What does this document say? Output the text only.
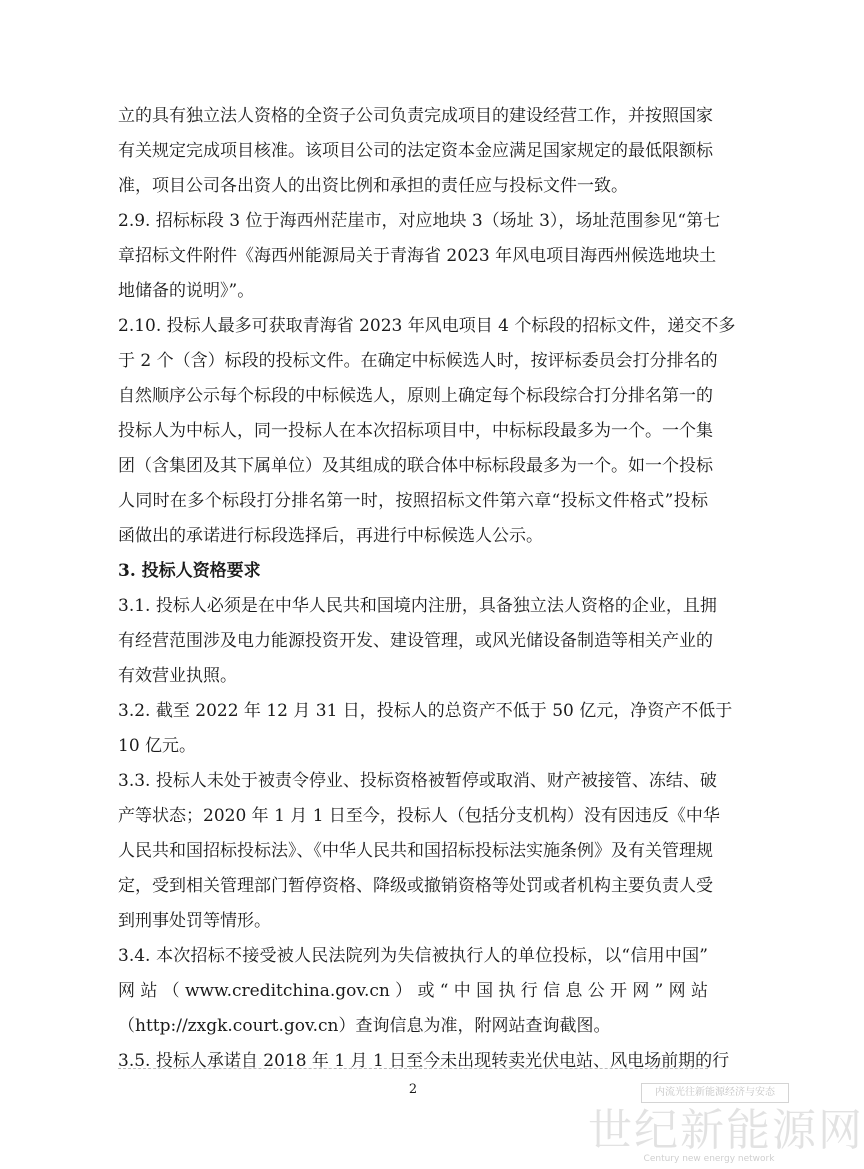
立的具有独立法人资格的全资子公司负责完成项目的建设经营工作，并按照国家
有关规定完成项目核准。该项目公司的法定资本金应满足国家规定的最低限额标
准，项目公司各出资人的出资比例和承担的责任应与投标文件一致。
2.9. 招标标段 3 位于海西州茫崖市，对应地块 3（场址 3），场址范围参见“第七
章招标文件附件《海西州能源局关于青海省 2023 年风电项目海西州候选地块土
地储备的说明》”。
2.10. 投标人最多可获取青海省 2023 年风电项目 4 个标段的招标文件，递交不多
于 2 个（含）标段的投标文件。在确定中标候选人时，按评标委员会打分排名的
自然顺序公示每个标段的中标候选人，原则上确定每个标段综合打分排名第一的
投标人为中标人，同一投标人在本次招标项目中，中标标段最多为一个。一个集
团（含集团及其下属单位）及其组成的联合体中标标段最多为一个。如一个投标
人同时在多个标段打分排名第一时，按照招标文件第六章“投标文件格式”投标
函做出的承诺进行标段选择后，再进行中标候选人公示。
3. 投标人资格要求
3.1. 投标人必须是在中华人民共和国境内注册，具备独立法人资格的企业，且拥
有经营范围涉及电力能源投资开发、建设管理，或风光储设备制造等相关产业的
有效营业执照。
3.2. 截至 2022 年 12 月 31 日，投标人的总资产不低于 50 亿元，净资产不低于
10 亿元。
3.3. 投标人未处于被责令停业、投标资格被暂停或取消、财产被接管、冻结、破
产等状态；2020 年 1 月 1 日至今，投标人（包括分支机构）没有因违反《中华
人民共和国招标投标法》、《中华人民共和国招标投标法实施条例》及有关管理规
定，受到相关管理部门暂停资格、降级或撤销资格等处罚或者机构主要负责人受
到刑事处罚等情形。
3.4. 本次招标不接受被人民法院列为失信被执行人的单位投标，以“信用中国”
网站（www.creditchina.gov.cn）或“中国执行信息公开网”网站
（http://zxgk.court.gov.cn）查询信息为准，附网站查询截图。
3.5. 投标人承诺自 2018 年 1 月 1 日至今未出现转卖光伏电站、风电场前期的行
2	内流光往新能源经济与安态
世纪新能源网
Century new energy network
